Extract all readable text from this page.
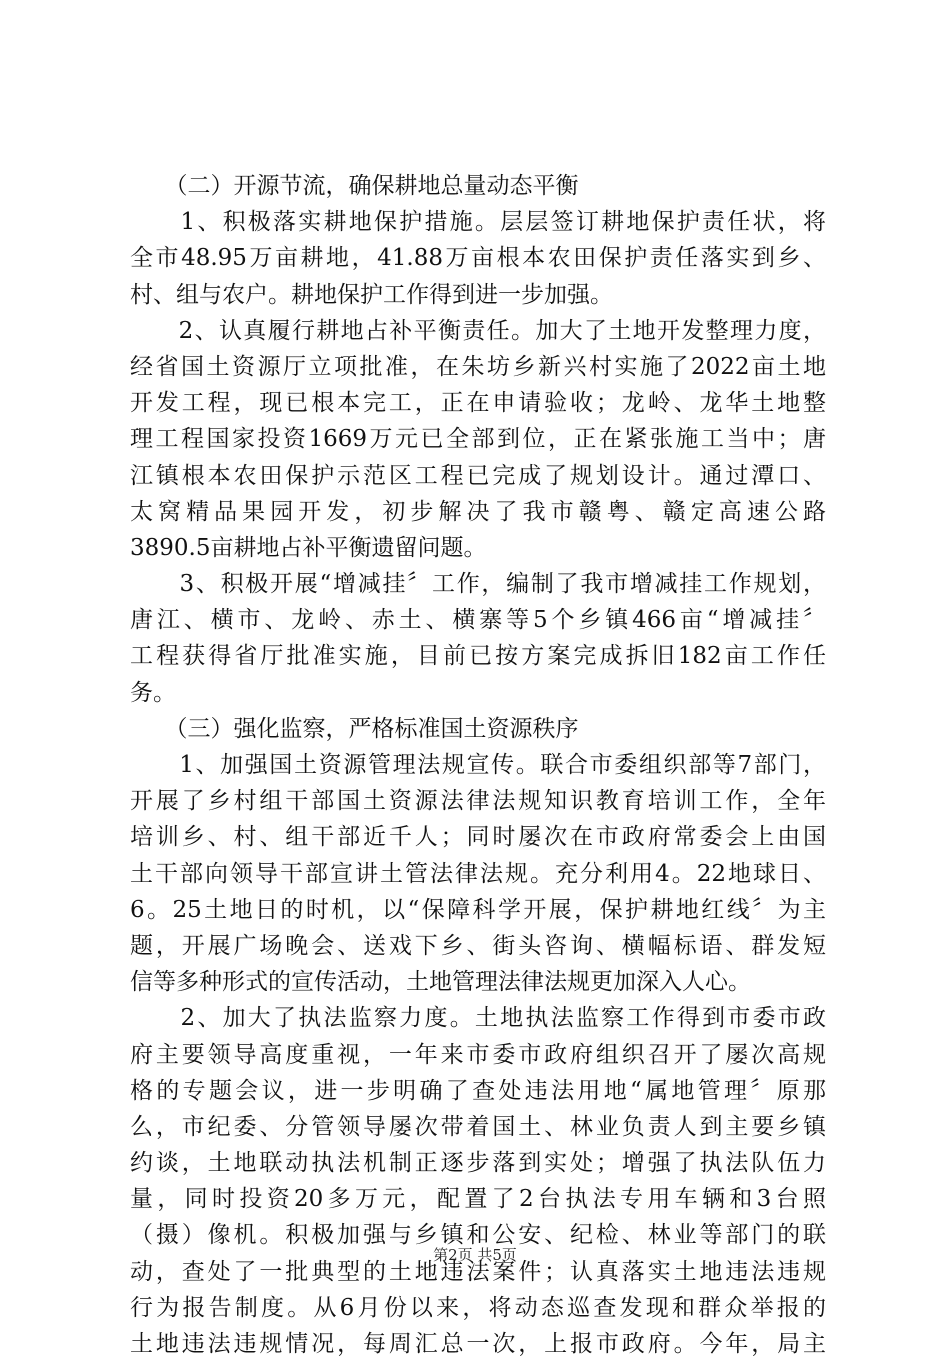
　　（二）开源节流，确保耕地总量动态平衡
　　1、积极落实耕地保护措施。层层签订耕地保护责任状，将
全市48.95万亩耕地，41.88万亩根本农田保护责任落实到乡、
村、组与农户。耕地保护工作得到进一步加强。
　　2、认真履行耕地占补平衡责任。加大了土地开发整理力度，
经省国土资源厅立项批准，在朱坊乡新兴村实施了2022亩土地
开发工程，现已根本完工，正在申请验收；龙岭、龙华土地整
理工程国家投资1669万元已全部到位，正在紧张施工当中；唐
江镇根本农田保护示范区工程已完成了规划设计。通过潭口、
太窝精品果园开发，初步解决了我市赣粤、赣定高速公路
3890.5亩耕地占补平衡遗留问题。
　　3、积极开展“增减挂〞工作，编制了我市增减挂工作规划，
唐江、横市、龙岭、赤土、横寨等5个乡镇466亩“增减挂〞
工程获得省厅批准实施，目前已按方案完成拆旧182亩工作任
务。
　　（三）强化监察，严格标准国土资源秩序
　　1、加强国土资源管理法规宣传。联合市委组织部等7部门，
开展了乡村组干部国土资源法律法规知识教育培训工作，全年
培训乡、村、组干部近千人；同时屡次在市政府常委会上由国
土干部向领导干部宣讲土管法律法规。充分利用4。22地球日、
6。25土地日的时机，以“保障科学开展，保护耕地红线〞为主
题，开展广场晚会、送戏下乡、街头咨询、横幅标语、群发短
信等多种形式的宣传活动，土地管理法律法规更加深入人心。
　　2、加大了执法监察力度。土地执法监察工作得到市委市政
府主要领导高度重视，一年来市委市政府组织召开了屡次高规
格的专题会议，进一步明确了查处违法用地“属地管理〞原那
么，市纪委、分管领导屡次带着国土、林业负责人到主要乡镇
约谈，土地联动执法机制正逐步落到实处；增强了执法队伍力
量，同时投资20多万元，配置了2台执法专用车辆和3台照
（摄）像机。积极加强与乡镇和公安、纪检、林业等部门的联
动，查处了一批典型的土地违法案件；认真落实土地违法违规
行为报告制度。从6月份以来，将动态巡查发现和群众举报的
土地违法违规情况，每周汇总一次，上报市政府。今年，局主
第2页 共5页
